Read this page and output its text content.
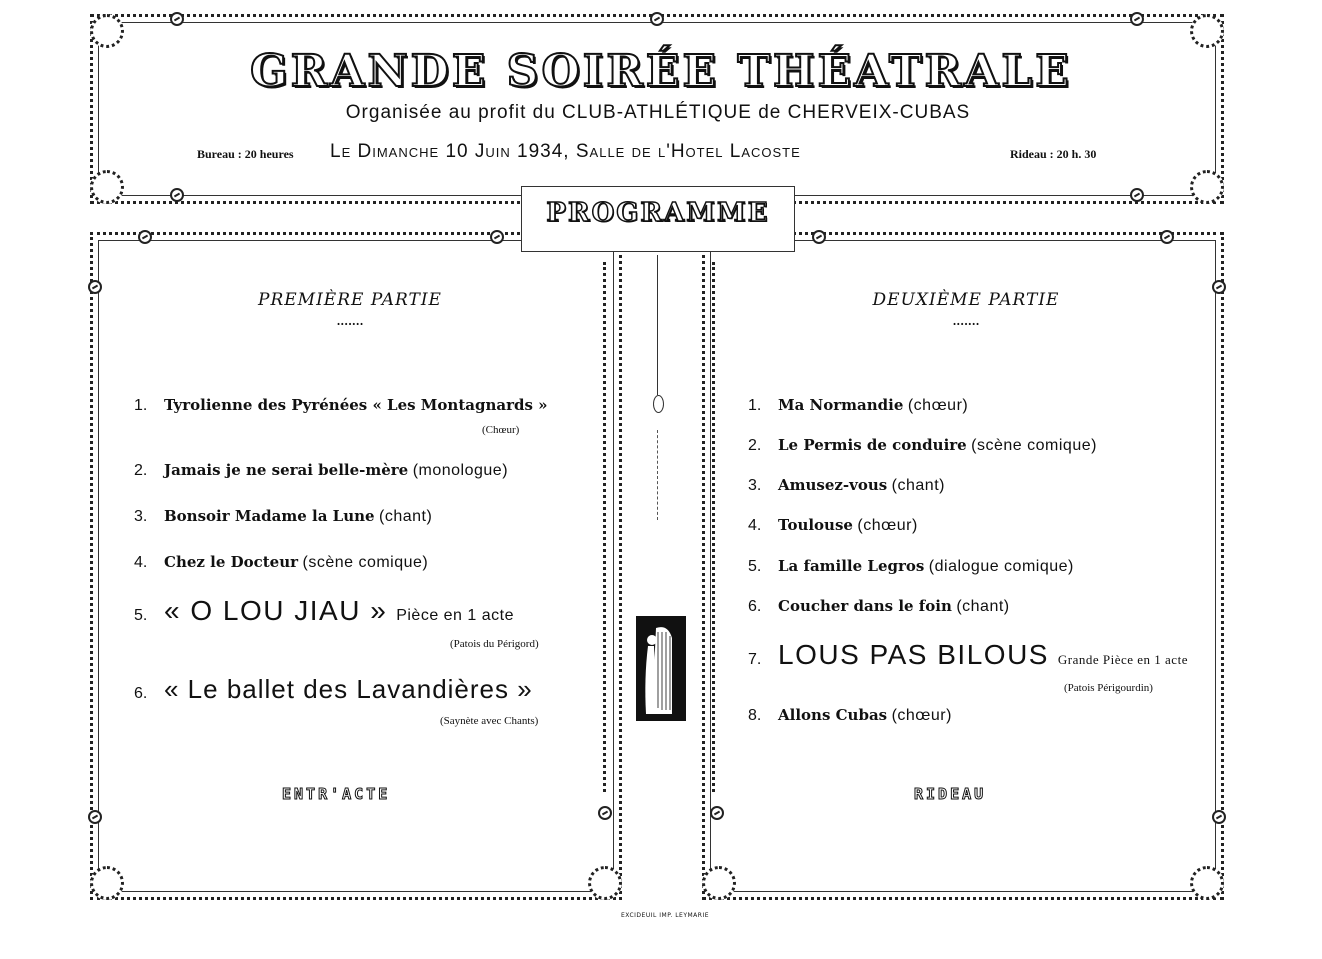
GRANDE SOIRÉE THÉATRALE
Organisée au profit du CLUB-ATHLÉTIQUE de CHERVEIX-CUBAS
Bureau : 20 heures Le Dimanche 10 Juin 1934, Salle de l'Hotel Lacoste	Rideau : 20 h. 30
PROGRAMME
PREMIÈRE PARTIE
·······
1. Tyrolienne des Pyrénées « Les Montagnards »
(Chœur)
2. Jamais je ne serai belle-mère (monologue)
3. Bonsoir Madame la Lune (chant)
4. Chez le Docteur (scène comique)
5. « O LOU JIAU » Pièce en 1 acte
(Patois du Périgord)
6. « Le ballet des Lavandières »
(Saynète avec Chants)
ENTR'ACTE
DEUXIÈME PARTIE
·······
1. Ma Normandie (chœur)
2. Le Permis de conduire (scène comique)
3. Amusez-vous (chant)
4. Toulouse (chœur)
5. La famille Legros (dialogue comique)
6. Coucher dans le foin (chant)
7. LOUS PAS BILOUS Grande Pièce en 1 acte
(Patois Périgourdin)
8. Allons Cubas (chœur)
RIDEAU
EXCIDEUIL IMP. LEYMARIE
